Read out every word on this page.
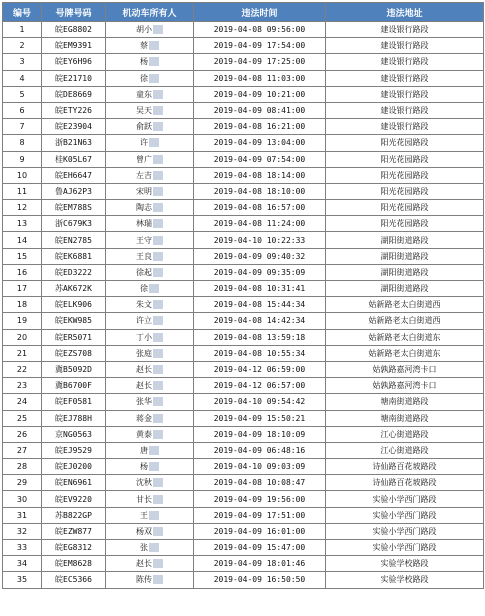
编号	号牌号码	机动车所有人	违法时间	违法地址
1	皖EG8802	胡小	2019-04-08 09:56:00	建设银行路段
2	皖EM9391	蔡	2019-04-09 17:54:00	建设银行路段
3	皖EY6H96	杨	2019-04-09 17:25:00	建设银行路段
4	皖E21710	徐	2019-04-08 11:03:00	建设银行路段
5	皖DE8669	童东	2019-04-09 10:21:00	建设银行路段
6	皖ETY226	吴天	2019-04-09 08:41:00	建设银行路段
7	皖E23904	俞跃	2019-04-08 16:21:00	建设银行路段
8	浙B21N63	许	2019-04-09 13:04:00	阳光花园路段
9	桂K05L67	曾广	2019-04-09 07:54:00	阳光花园路段
10	皖EH6647	左吉	2019-04-08 18:14:00	阳光花园路段
11	鲁AJ62P3	宋明	2019-04-08 18:10:00	阳光花园路段
12	皖EM788S	陶志	2019-04-08 16:57:00	阳光花园路段
13	浙C679K3	林瑞	2019-04-08 11:24:00	阳光花园路段
14	皖EN2785	王守	2019-04-10 10:22:33	湖阳街道路段
15	皖EK6881	王良	2019-04-09 09:40:32	湖阳街道路段
16	皖ED3222	徐起	2019-04-09 09:35:09	湖阳街道路段
17	苏AK672K	徐	2019-04-08 10:31:41	湖阳街道路段
18	皖ELK906	朱文	2019-04-08 15:44:34	姑新路老太白街道西
19	皖EKW985	许立	2019-04-08 14:42:34	姑新路老太白街道西
20	皖ER5071	丁小	2019-04-08 13:59:18	姑新路老太白街道东
21	皖EZS708	张庭	2019-04-08 10:55:34	姑新路老太白街道东
22	冀B5092D	赵长	2019-04-12 06:59:00	姑孰路嘉河湾卡口
23	冀B6700F	赵长	2019-04-12 06:57:00	姑孰路嘉河湾卡口
24	皖EF0581	张华	2019-04-10 09:54:42	塘南街道路段
25	皖EJ788H	蒋金	2019-04-09 15:50:21	塘南街道路段
26	京NG0563	黄泰	2019-04-09 18:10:09	江心街道路段
27	皖EJ9529	唐	2019-04-09 06:48:16	江心街道路段
28	皖EJ0200	杨	2019-04-10 09:03:09	诗仙路百花坡路段
29	皖EN6961	沈秋	2019-04-08 10:08:47	诗仙路百花坡路段
30	皖EV9220	甘长	2019-04-09 19:56:00	实验小学西门路段
31	苏B822GP	王	2019-04-09 17:51:00	实验小学西门路段
32	皖EZW877	杨双	2019-04-09 16:01:00	实验小学西门路段
33	皖EG8312	张	2019-04-09 15:47:00	实验小学西门路段
34	皖EM8628	赵长	2019-04-09 18:01:46	实验学校路段
35	皖EC5366	陈传	2019-04-09 16:50:50	实验学校路段
